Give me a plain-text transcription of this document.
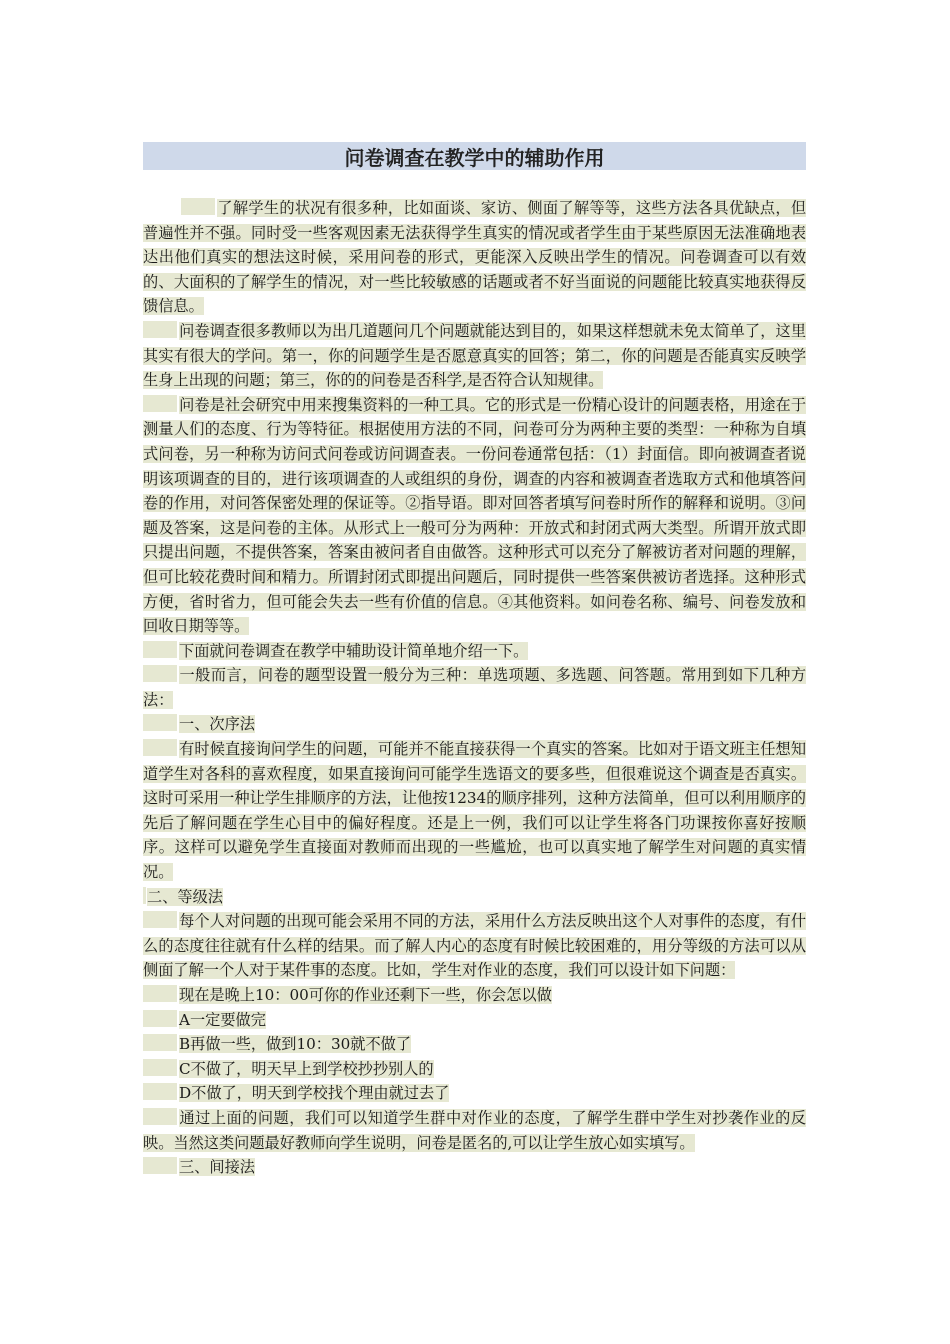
问卷调查在教学中的辅助作用

了解学生的状况有很多种，比如面谈、家访、侧面了解等等，这些方法各具优缺点，但普遍性并不强。同时受一些客观因素无法获得学生真实的情况或者学生由于某些原因无法准确地表达出他们真实的想法这时候，采用问卷的形式，更能深入反映出学生的情况。问卷调查可以有效的、大面积的了解学生的情况，对一些比较敏感的话题或者不好当面说的问题能比较真实地获得反馈信息。

问卷调查很多教师以为出几道题问几个问题就能达到目的，如果这样想就未免太简单了，这里其实有很大的学问。第一，你的问题学生是否愿意真实的回答；第二，你的问题是否能真实反映学生身上出现的问题；第三，你的的问卷是否科学,是否符合认知规律。

问卷是社会研究中用来搜集资料的一种工具。它的形式是一份精心设计的问题表格，用途在于测量人们的态度、行为等特征。根据使用方法的不同，问卷可分为两种主要的类型：一种称为自填式问卷，另一种称为访问式问卷或访问调查表。一份问卷通常包括：（1）封面信。即向被调查者说明该项调查的目的，进行该项调查的人或组织的身份，调查的内容和被调查者选取方式和他填答问卷的作用，对问答保密处理的保证等。②指导语。即对回答者填写问卷时所作的解释和说明。③问题及答案，这是问卷的主体。从形式上一般可分为两种：开放式和封闭式两大类型。所谓开放式即只提出问题，不提供答案，答案由被问者自由做答。这种形式可以充分了解被访者对问题的理解，但可比较花费时间和精力。所谓封闭式即提出问题后，同时提供一些答案供被访者选择。这种形式方便，省时省力，但可能会失去一些有价值的信息。④其他资料。如问卷名称、编号、问卷发放和回收日期等等。

下面就问卷调查在教学中辅助设计简单地介绍一下。

一般而言，问卷的题型设置一般分为三种：单选项题、多选题、问答题。常用到如下几种方法：

一、次序法

有时候直接询问学生的问题，可能并不能直接获得一个真实的答案。比如对于语文班主任想知道学生对各科的喜欢程度，如果直接询问可能学生选语文的要多些，但很难说这个调查是否真实。这时可采用一种让学生排顺序的方法，让他按1234的顺序排列，这种方法简单，但可以利用顺序的先后了解问题在学生心目中的偏好程度。还是上一例，我们可以让学生将各门功课按你喜好按顺序。这样可以避免学生直接面对教师而出现的一些尴尬，也可以真实地了解学生对问题的真实情况。

二、等级法

每个人对问题的出现可能会采用不同的方法，采用什么方法反映出这个人对事件的态度，有什么的态度往往就有什么样的结果。而了解人内心的态度有时候比较困难的，用分等级的方法可以从侧面了解一个人对于某件事的态度。比如，学生对作业的态度，我们可以设计如下问题：

现在是晚上10：00可你的作业还剩下一些，你会怎以做

A一定要做完

B再做一些，做到10：30就不做了

C不做了，明天早上到学校抄抄别人的

D不做了，明天到学校找个理由就过去了

通过上面的问题，我们可以知道学生群中对作业的态度，了解学生群中学生对抄袭作业的反映。当然这类问题最好教师向学生说明，问卷是匿名的,可以让学生放心如实填写。

三、间接法
